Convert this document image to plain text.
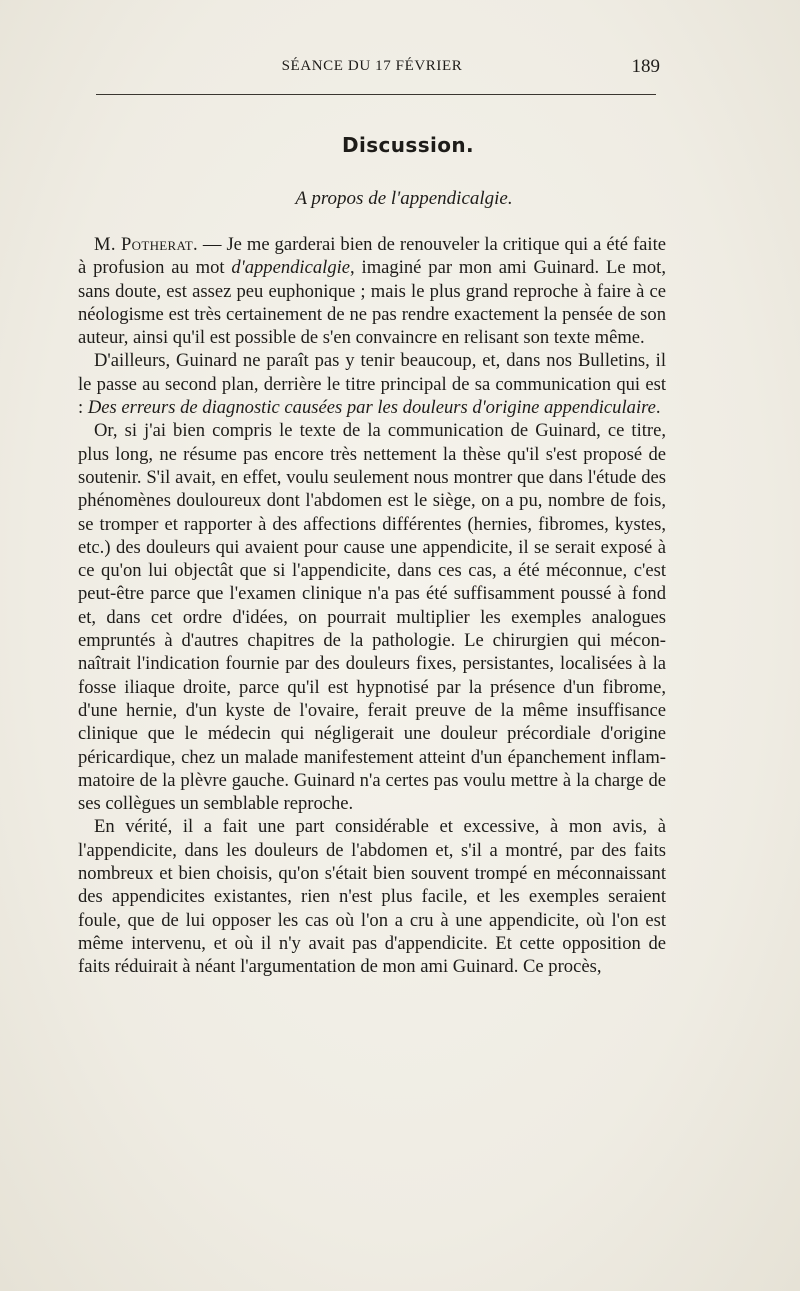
SÉANCE DU 17 FÉVRIER	189
Discussion.
A propos de l'appendicalgie.

M. Potherat. — Je me garderai bien de renouveler la critique qui a été faite à profusion au mot d'appendicalgie, imaginé par mon ami Guinard. Le mot, sans doute, est assez peu euphonique ; mais le plus grand reproche à faire à ce néologisme est très certainement de ne pas rendre exactement la pensée de son auteur, ainsi qu'il est possible de s'en convaincre en relisant son texte même.

D'ailleurs, Guinard ne paraît pas y tenir beaucoup, et, dans nos Bulletins, il le passe au second plan, derrière le titre principal de sa communication qui est : Des erreurs de diagnostic causées par les douleurs d'origine appendiculaire.

Or, si j'ai bien compris le texte de la communication de Guinard, ce titre, plus long, ne résume pas encore très nettement la thèse qu'il s'est proposé de soutenir. S'il avait, en effet, voulu seulement nous montrer que dans l'étude des phénomènes douloureux dont l'abdomen est le siège, on a pu, nombre de fois, se tromper et rapporter à des affections différentes (hernies, fibromes, kystes, etc.) des douleurs qui avaient pour cause une appendicite, il se serait exposé à ce qu'on lui objectât que si l'appendicite, dans ces cas, a été méconnue, c'est peut-être parce que l'examen clinique n'a pas été suffisamment poussé à fond et, dans cet ordre d'idées, on pourrait multiplier les exemples analogues empruntés à d'autres chapitres de la pathologie. Le chirurgien qui méconnaîtrait l'indication fournie par des douleurs fixes, persistantes, localisées à la fosse iliaque droite, parce qu'il est hypnotisé par la présence d'un fibrome, d'une hernie, d'un kyste de l'ovaire, ferait preuve de la même insuffisance clinique que le médecin qui négligerait une douleur précordiale d'origine péricardique, chez un malade manifestement atteint d'un épanchement inflammatoire de la plèvre gauche. Guinard n'a certes pas voulu mettre à la charge de ses collègues un semblable reproche.

En vérité, il a fait une part considérable et excessive, à mon avis, à l'appendicite, dans les douleurs de l'abdomen et, s'il a montré, par des faits nombreux et bien choisis, qu'on s'était bien souvent trompé en méconnaissant des appendicites existantes, rien n'est plus facile, et les exemples seraient foule, que de lui opposer les cas où l'on a cru à une appendicite, où l'on est même intervenu, et où il n'y avait pas d'appendicite. Et cette opposition de faits réduirait à néant l'argumentation de mon ami Guinard. Ce procès,
